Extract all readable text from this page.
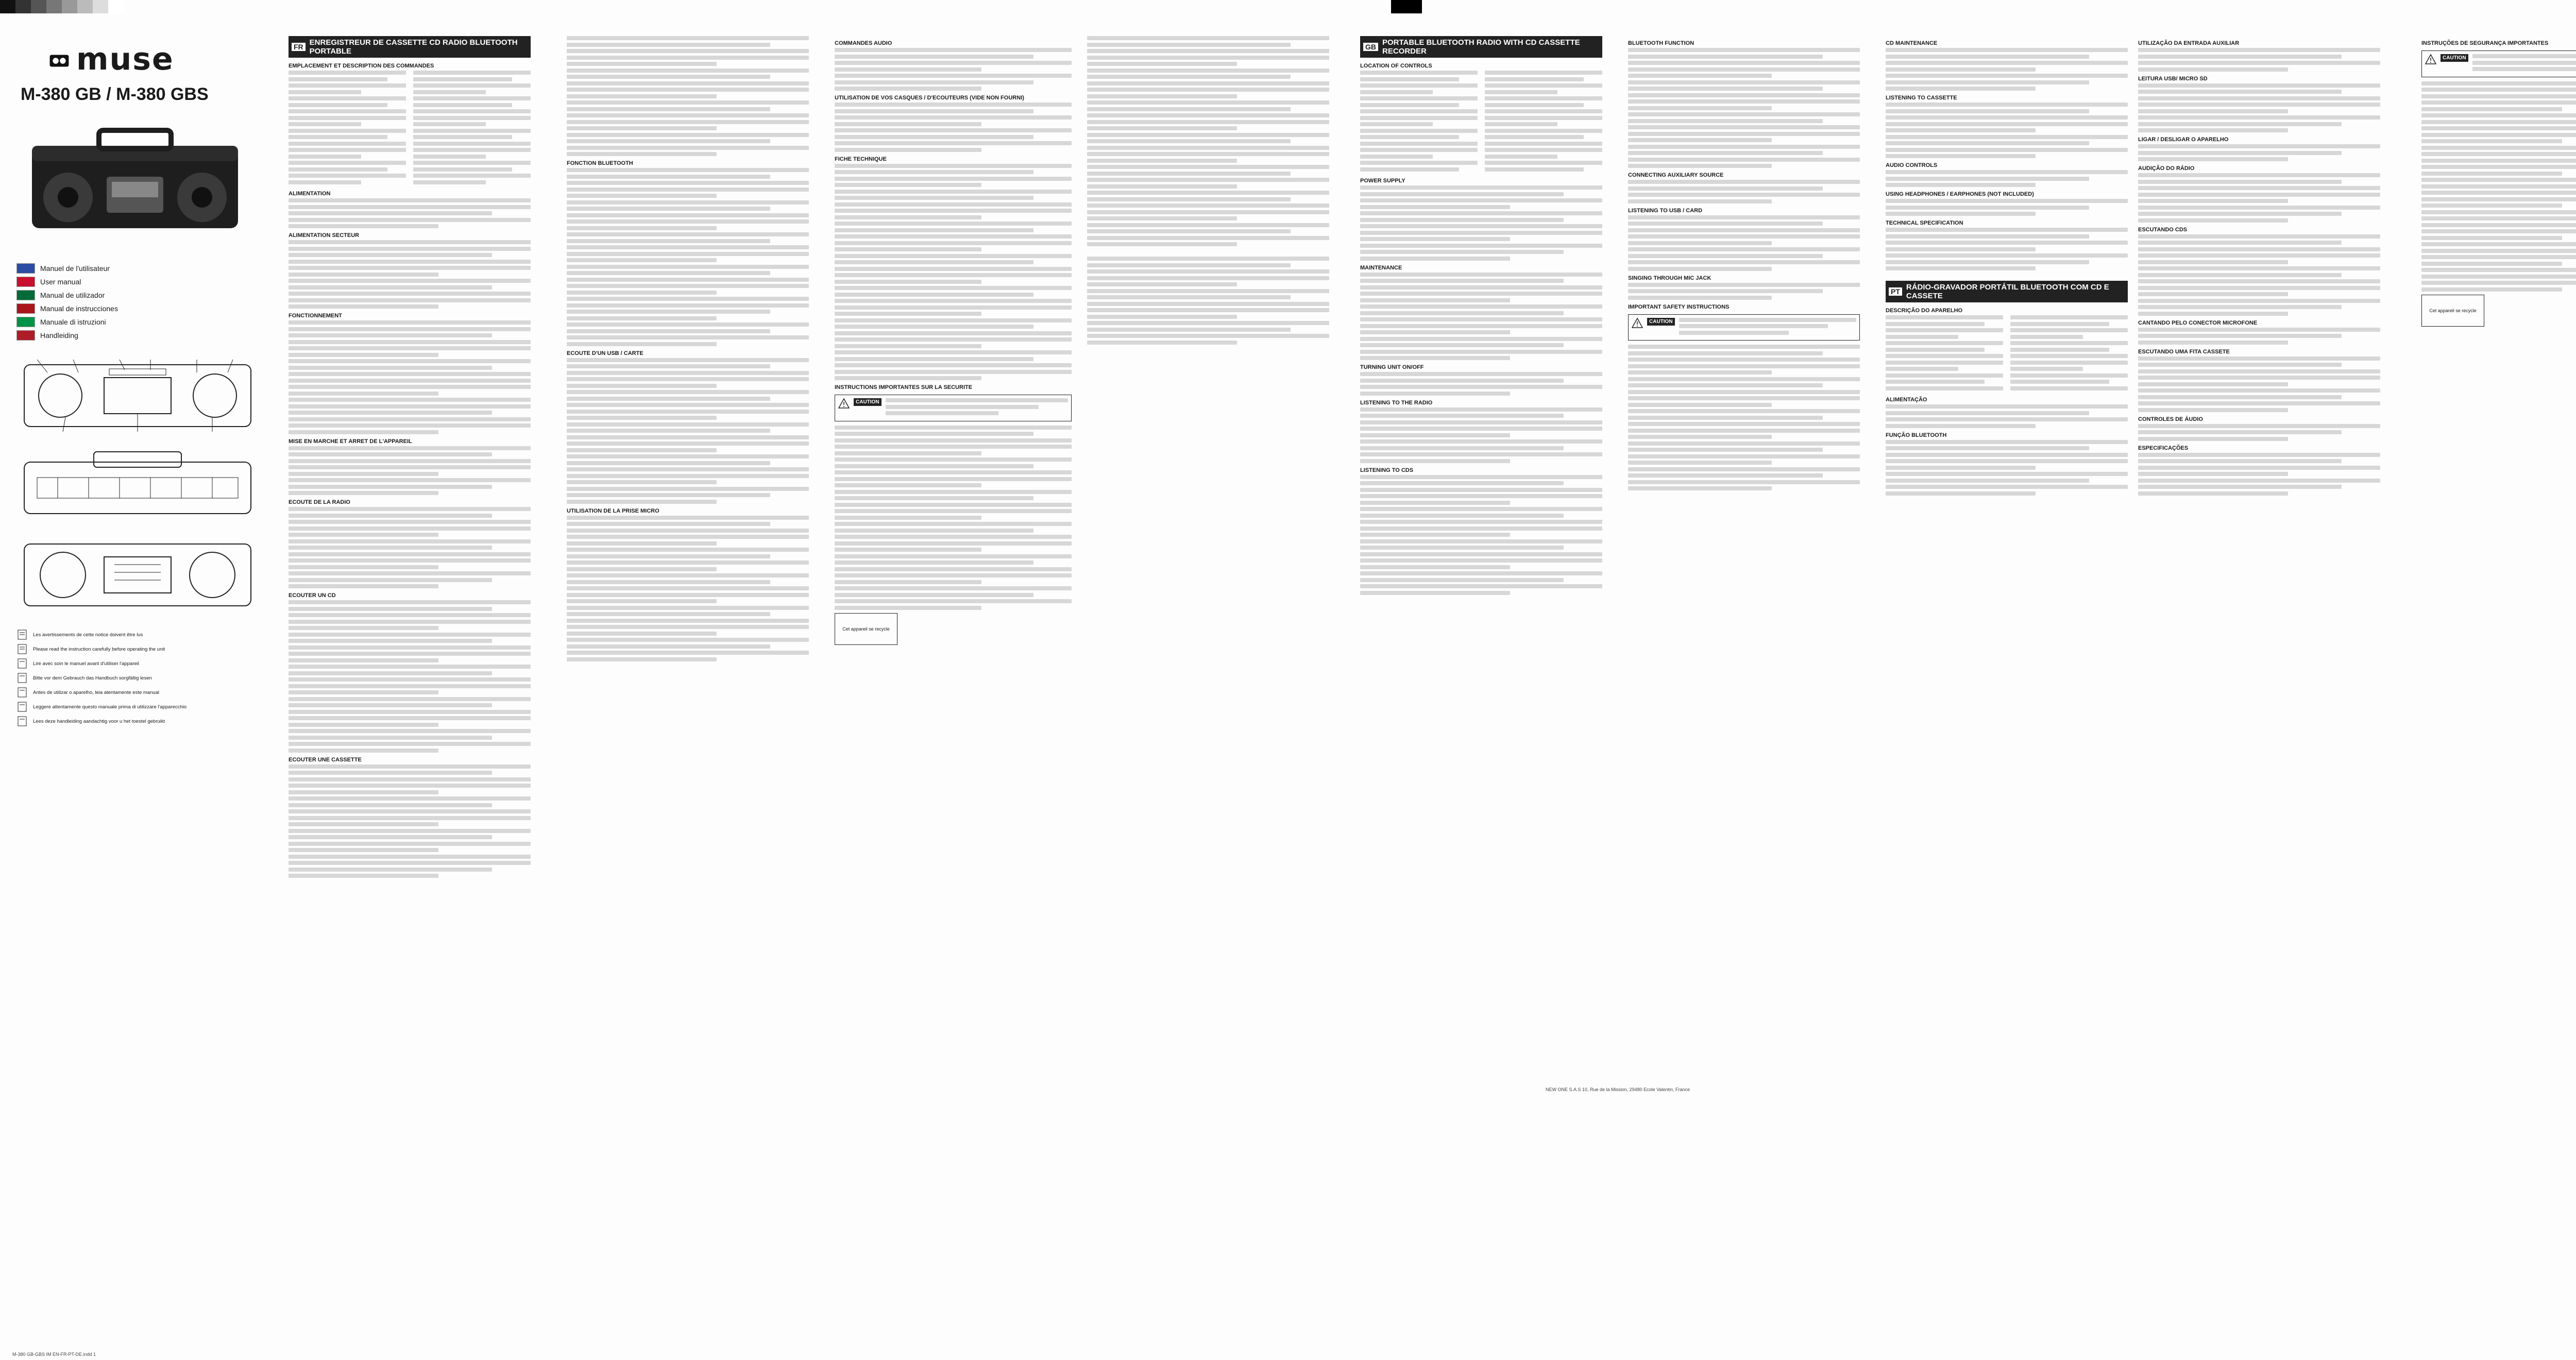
muse
M-380 GB / M-380 GBS
Manuel de l'utilisateur
User manual
Manual de utilizador
Manual de instrucciones
Manuale di istruzioni
Handleiding

Les avertissements de cette notice doivent être lus
Please read the instruction carefully before operating the unit
Lire avec soin le manuel avant d'utiliser l'appareil
Bitte vor dem Gebrauch das Handbuch sorgfältig lesen
Antes de utilizar o aparelho, leia atentamente este manual
Leggere attentamente questo manuale prima di utilizzare l'apparecchio
Lees deze handleiding aandachtig voor u het toestel gebruikt
FR ENREGISTREUR DE CASSETTE CD RADIO BLUETOOTH PORTABLE
EMPLACEMENT ET DESCRIPTION DES COMMANDES
ALIMENTATION
ALIMENTATION SECTEUR
FONCTIONNEMENT
MISE EN MARCHE ET ARRET DE L'APPAREIL
ECOUTE DE LA RADIO
ECOUTER UN CD
ECOUTER UNE CASSETTE
FONCTION BLUETOOTH
ECOUTE D'UN USB / CARTE
UTILISATION DE LA PRISE MICRO
COMMANDES AUDIO
UTILISATION DE VOS CASQUES / D'ECOUTEURS (VIDE NON FOURNI)
FICHE TECHNIQUE
INSTRUCTIONS IMPORTANTES SUR LA SECURITE
CAUTION
Cet appareil se recycle
GB PORTABLE BLUETOOTH RADIO WITH CD CASSETTE RECORDER
LOCATION OF CONTROLS
POWER SUPPLY
MAINTENANCE
TURNING UNIT ON/OFF
LISTENING TO THE RADIO
LISTENING TO CDS
BLUETOOTH FUNCTION
CONNECTING AUXILIARY SOURCE
LISTENING TO USB / CARD
SINGING THROUGH MIC JACK
IMPORTANT SAFETY INSTRUCTIONS
CAUTION
CD MAINTENANCE
LISTENING TO CASSETTE
AUDIO CONTROLS
USING HEADPHONES / EARPHONES (NOT INCLUDED)
TECHNICAL SPECIFICATION
PT RÁDIO-GRAVADOR PORTÁTIL BLUETOOTH COM CD E CASSETE
DESCRIÇÃO DO APARELHO
ALIMENTAÇÃO
FUNÇÃO BLUETOOTH
UTILIZAÇÃO DA ENTRADA AUXILIAR
LEITURA USB/ MICRO SD
LIGAR / DESLIGAR O APARELHO
AUDIÇÃO DO RÁDIO
ESCUTANDO CDS
CANTANDO PELO CONECTOR MICROFONE
ESCUTANDO UMA FITA CASSETE
CONTROLES DE ÁUDIO
ESPECIFICAÇÕES
INSTRUÇÕES DE SEGURANÇA IMPORTANTES
CAUTION
Cet appareil se recycle
NEW ONE S.A.S 10, Rue de la Mission, 29480 Ecole Valentin, France
M-380 GB-GBS IM EN-FR-PT-DE.indd 1
